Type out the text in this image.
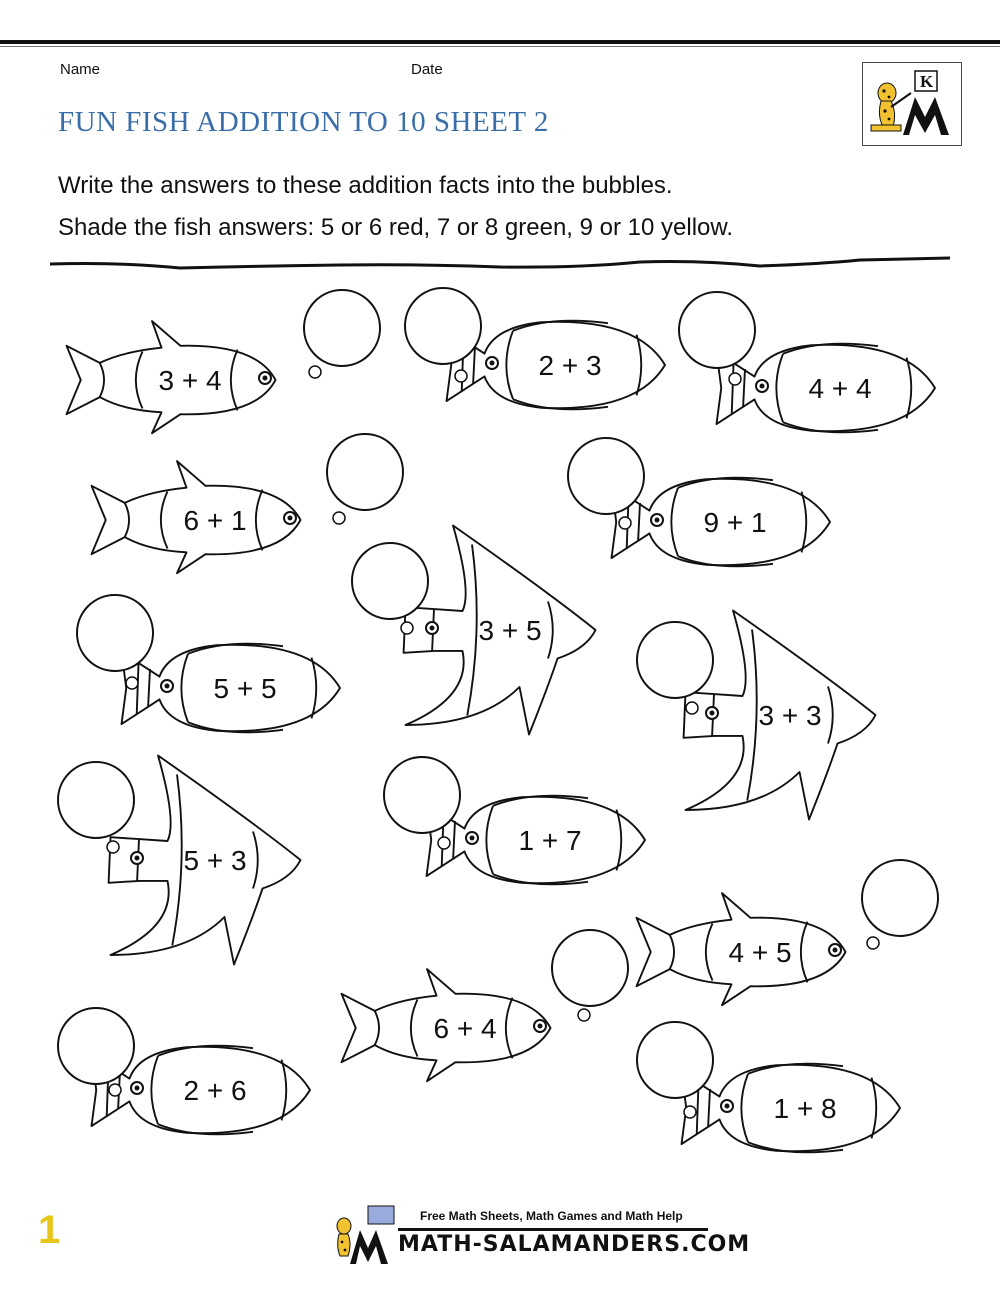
Name	Date
FUN FISH ADDITION TO 10 SHEET 2
K
Write the answers to these addition facts into the bubbles.
Shade the fish answers: 5 or 6 red, 7 or 8 green, 9 or 10 yellow.
3 + 4	2 + 3
4 + 4
6 + 1	9 + 1
3 + 5
5 + 5
3 + 3
5 + 3
1 + 7
4 + 5
6 + 4
2 + 6
1 + 8
1	Free Math Sheets, Math Games and Math Help
MATH-SALAMANDERS.COM
